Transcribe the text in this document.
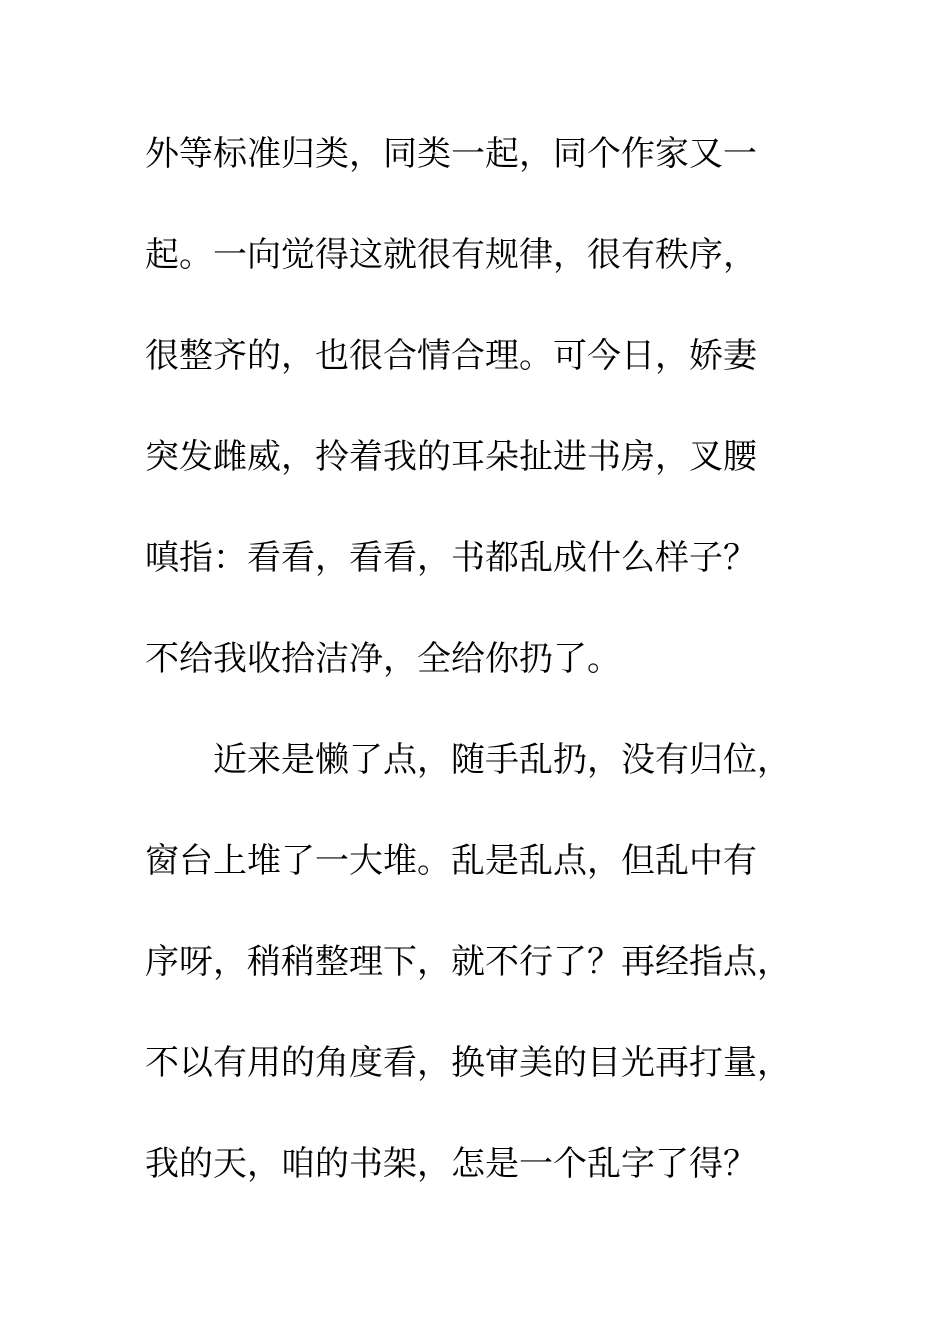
外等标准归类，同类一起，同个作家又一
起。一向觉得这就很有规律，很有秩序，
很整齐的，也很合情合理。可今日，娇妻
突发雌威，拎着我的耳朵扯进书房，叉腰
嗔指：看看，看看，书都乱成什么样子？
不给我收拾洁净，全给你扔了。
近来是懒了点，随手乱扔，没有归位，
窗台上堆了一大堆。乱是乱点，但乱中有
序呀，稍稍整理下，就不行了？再经指点，
不以有用的角度看，换审美的目光再打量，
我的天，咱的书架，怎是一个乱字了得？
